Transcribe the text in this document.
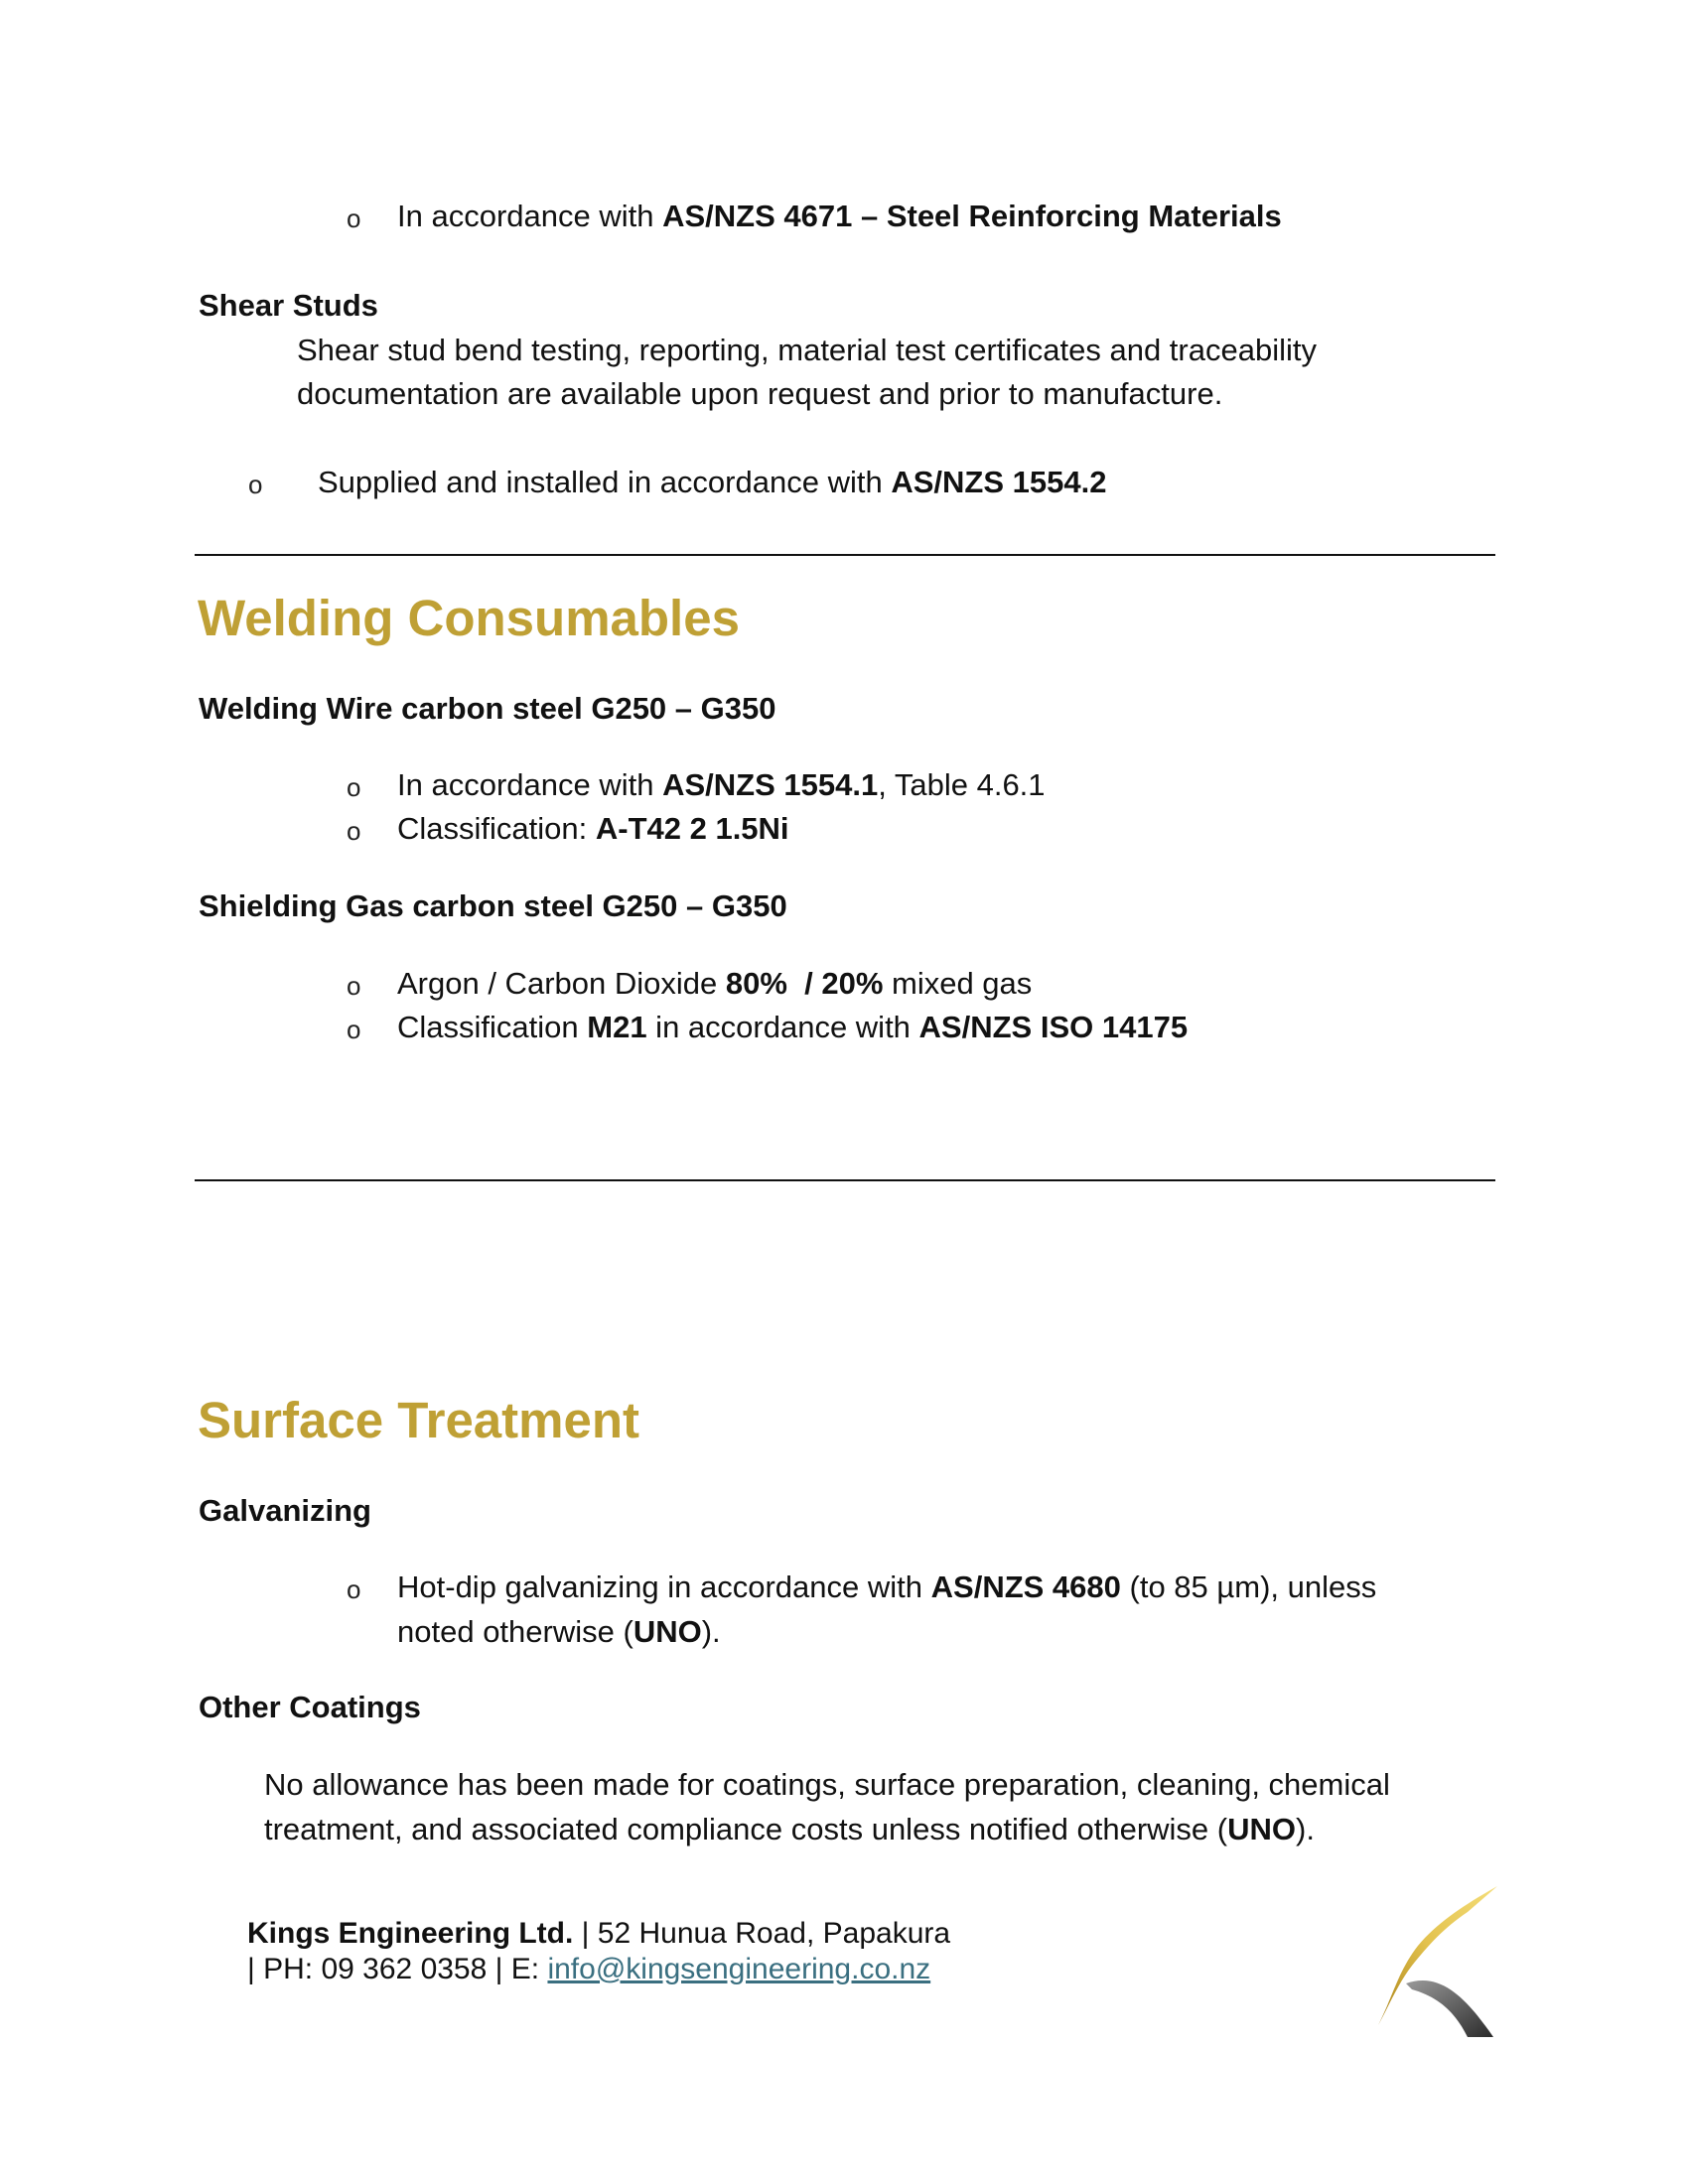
o In accordance with AS/NZS 4671 – Steel Reinforcing Materials
Shear Studs
Shear stud bend testing, reporting, material test certificates and traceability
documentation are available upon request and prior to manufacture.
o Supplied and installed in accordance with AS/NZS 1554.2
Welding Consumables
Welding Wire carbon steel G250 – G350
o In accordance with AS/NZS 1554.1, Table 4.6.1
o Classification: A-T42 2 1.5Ni
Shielding Gas carbon steel G250 – G350
o Argon / Carbon Dioxide 80%  / 20% mixed gas
o Classification M21 in accordance with AS/NZS ISO 14175
Surface Treatment
Galvanizing
o Hot-dip galvanizing in accordance with AS/NZS 4680 (to 85 µm), unless
noted otherwise (UNO).
Other Coatings
No allowance has been made for coatings, surface preparation, cleaning, chemical
treatment, and associated compliance costs unless notified otherwise (UNO).
Kings Engineering Ltd. | 52 Hunua Road, Papakura
| PH: 09 362 0358 | E: info@kingsengineering.co.nz
